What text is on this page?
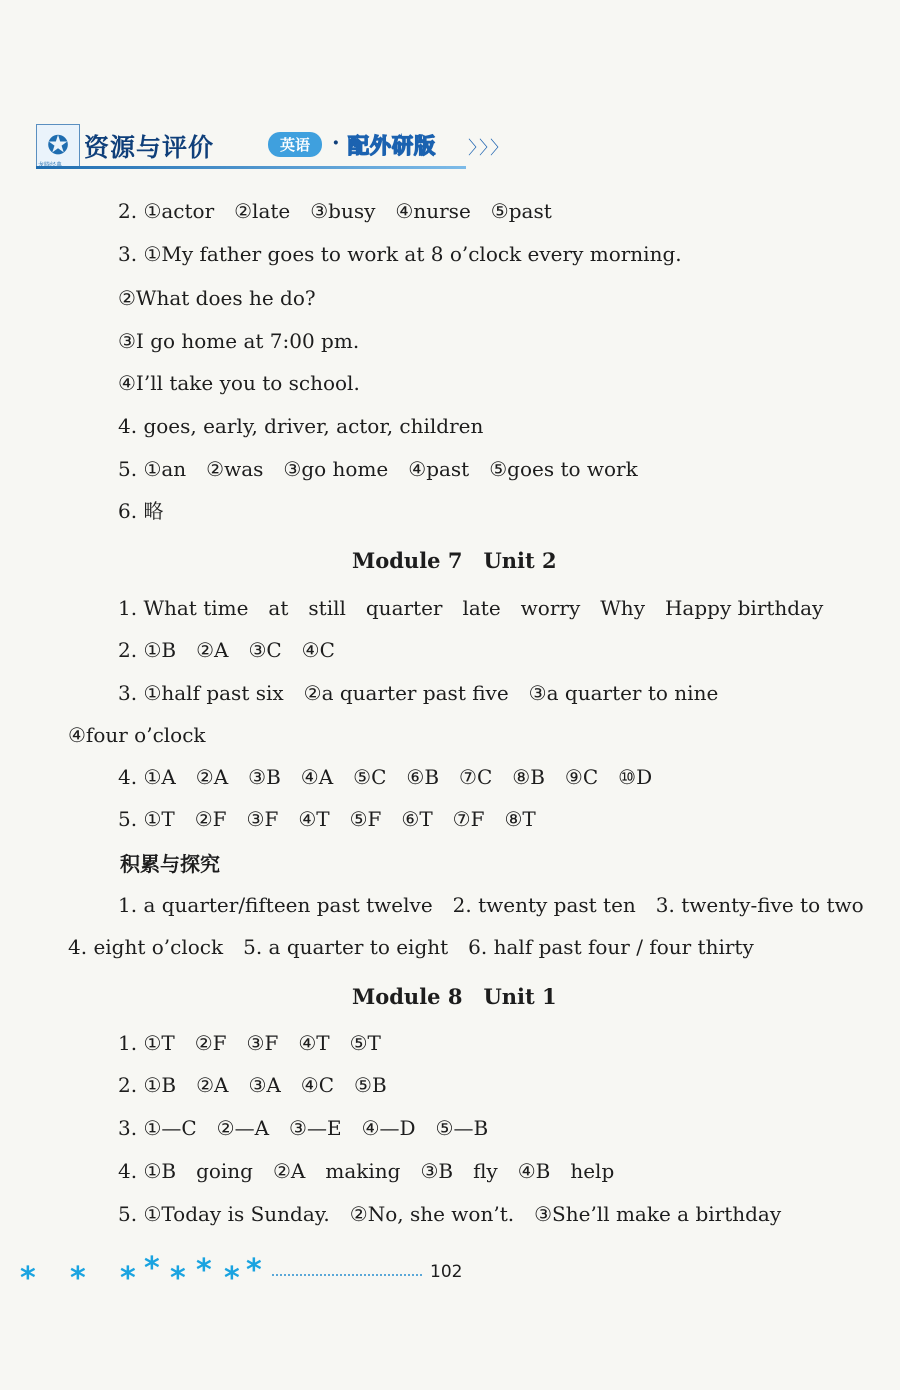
✪ 资源与评价	英语 · 配外研版 〉〉〉
2. ①actor　②late　③busy　④nurse　⑤past
3. ①My father goes to work at 8 o’clock every morning.
②What does he do?
③I go home at 7:00 pm.
④I’ll take you to school.
4. goes, early, driver, actor, children
5. ①an　②was　③go home　④past　⑤goes to work
6. 略
Module 7　Unit 2
1. What time　at　still　quarter　late　worry　Why　Happy birthday
2. ①B　②A　③C　④C
3. ①half past six　②a quarter past five　③a quarter to nine
④four o’clock
4. ①A　②A　③B　④A　⑤C　⑥B　⑦C　⑧B　⑨C　⑩D
5. ①T　②F　③F　④T　⑤F　⑥T　⑦F　⑧T
积累与探究
1. a quarter/fifteen past twelve　2. twenty past ten　3. twenty-five to two
4. eight o’clock　5. a quarter to eight　6. half past four / four thirty
Module 8　Unit 1
1. ①T　②F　③F　④T　⑤T
2. ①B　②A　③A　④C　⑤B
3. ①—C　②—A　③—E　④—D　⑤—B
4. ①B　going　②A　making　③B　fly　④B　help
5. ①Today is Sunday.　②No, she won’t.　③She’ll make a birthday
* * * * * * * *	102
